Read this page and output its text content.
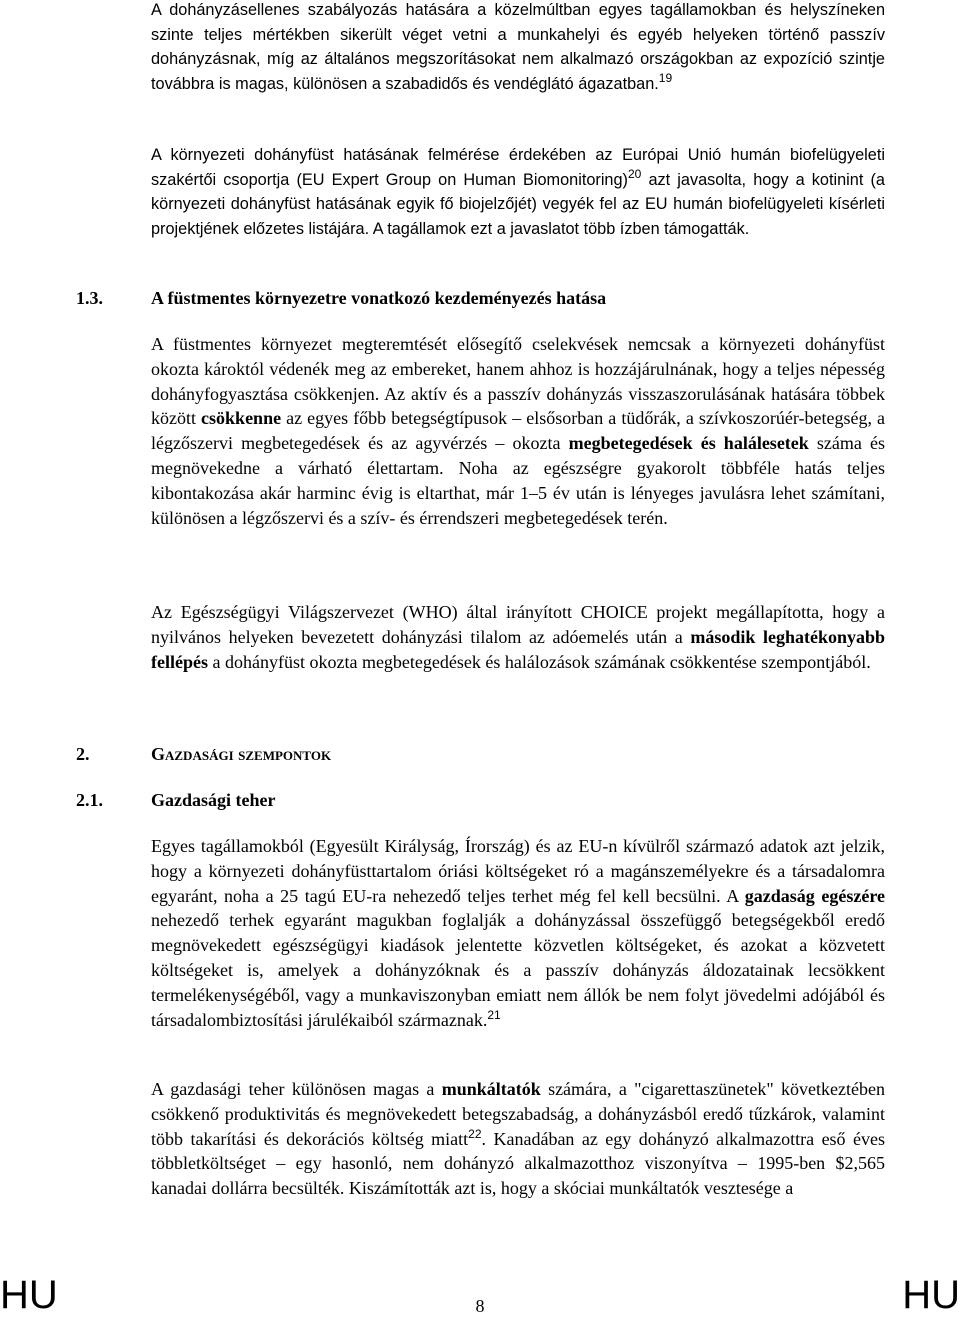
A dohányzásellenes szabályozás hatására a közelmúltban egyes tagállamokban és helyszíneken szinte teljes mértékben sikerült véget vetni a munkahelyi és egyéb helyeken történő passzív dohányzásnak, míg az általános megszorításokat nem alkalmazó országokban az expozíció szintje továbbra is magas, különösen a szabadidős és vendéglátó ágazatban.$^{19}$
A környezeti dohányfüst hatásának felmérése érdekében az Európai Unió humán biofelügyeleti szakértői csoportja (EU Expert Group on Human Biomonitoring)$^{20}$ azt javasolta, hogy a kotinint (a környezeti dohányfüst hatásának egyik fő biojelzőjét) vegyék fel az EU humán biofelügyeleti kísérleti projektjének előzetes listájára. A tagállamok ezt a javaslatot több ízben támogatták.
1.3.	A füstmentes környezetre vonatkozó kezdeményezés hatása
A füstmentes környezet megteremtését elősegítő cselekvések nemcsak a környezeti dohányfüst okozta károktól védenék meg az embereket, hanem ahhoz is hozzájárulnának, hogy a teljes népesség dohányfogyasztása csökkenjen. Az aktív és a passzív dohányzás visszaszorulásának hatására többek között csökkenne az egyes főbb betegségtípusok – elsősorban a tüdőrák, a szívkoszorúér-betegség, a légzőszervi megbetegedések és az agyvérzés – okozta megbetegedések és halálesetek száma és megnövekedne a várható élettartam. Noha az egészségre gyakorolt többféle hatás teljes kibontakozása akár harminc évig is eltarthat, már 1–5 év után is lényeges javulásra lehet számítani, különösen a légzőszervi és a szív- és érrendszeri megbetegedések terén.
Az Egészségügyi Világszervezet (WHO) által irányított CHOICE projekt megállapította, hogy a nyilvános helyeken bevezetett dohányzási tilalom az adóemelés után a második leghatékonyabb fellépés a dohányfüst okozta megbetegedések és halálozások számának csökkentése szempontjából.
2.	Gazdasági szempontok
2.1.	Gazdasági teher
Egyes tagállamokból (Egyesült Királyság, Írország) és az EU-n kívülről származó adatok azt jelzik, hogy a környezeti dohányfüsttartalom óriási költségeket ró a magánszemélyekre és a társadalomra egyaránt, noha a 25 tagú EU-ra nehezedő teljes terhet még fel kell becsülni. A gazdaság egészére nehezedő terhek egyaránt magukban foglalják a dohányzással összefüggő betegségekből eredő megnövekedett egészségügyi kiadások jelentette közvetlen költségeket, és azokat a közvetett költségeket is, amelyek a dohányzóknak és a passzív dohányzás áldozatainak lecsökkent termelékenységéből, vagy a munkaviszonyban emiatt nem állók be nem folyt jövedelmi adójából és társadalombiztosítási járulékaiból származnak.$^{21}$
A gazdasági teher különösen magas a munkáltatók számára, a "cigarettaszünetek" következtében csökkenő produktivitás és megnövekedett betegszabadság, a dohányzásból eredő tűzkárok, valamint több takarítási és dekorációs költség miatt$^{22}$. Kanadában az egy dohányzó alkalmazottra eső éves többletköltséget – egy hasonló, nem dohányzó alkalmazotthoz viszonyítva – 1995-ben $2,565 kanadai dollárra becsülték. Kiszámították azt is, hogy a skóciai munkáltatók vesztesége a
HU	8	HU
